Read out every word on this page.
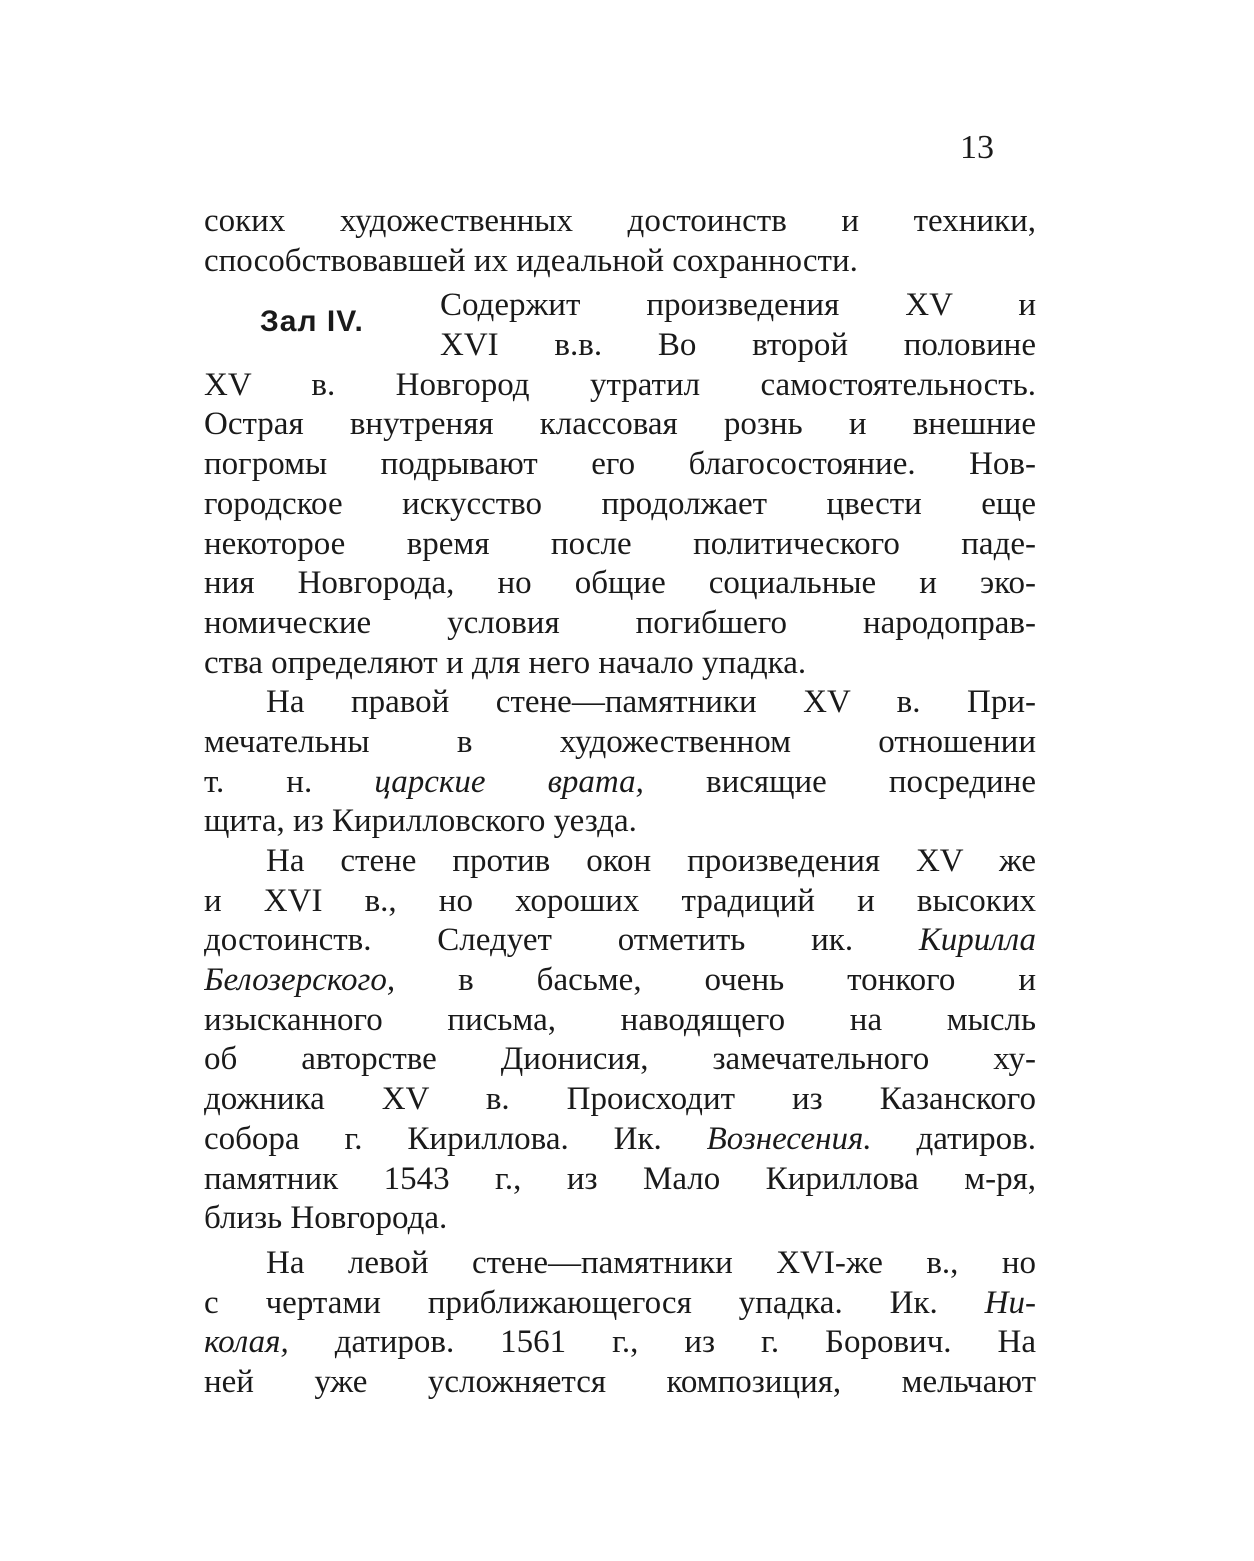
13
соких художественных достоинств и техники,
способствовавшей их идеальной сохранности.
Зал IV. Содержит произведения XV и
XVI в.в. Во второй половине
XV в. Новгород утратил самостоятельность.
Острая внутреняя классовая рознь и внешние
погромы подрывают его благосостояние. Нов-
городское искусство продолжает цвести еще
некоторое время после политического паде-
ния Новгорода, но общие социальные и эко-
номические условия погибшего народоправ-
ства определяют и для него начало упадка.
На правой стене—памятники XV в. При-
мечательны в художественном отношении
т. н. царские врата, висящие посредине
щита, из Кирилловского уезда.
На стене против окон произведения XV же
и XVI в., но хороших традиций и высоких
достоинств. Следует отметить ик. Кирилла
Белозерского, в басьме, очень тонкого и
изысканного письма, наводящего на мысль
об авторстве Дионисия, замечательного ху-
дожника XV в. Происходит из Казанского
собора г. Кириллова. Ик. Вознесения. датиров.
памятник 1543 г., из Мало Кириллова м-ря,
близь Новгорода.
На левой стене—памятники XVI-же в., но
с чертами приближающегося упадка. Ик. Ни-
колая, датиров. 1561 г., из г. Борович. На
ней уже усложняется композиция, мельчают
